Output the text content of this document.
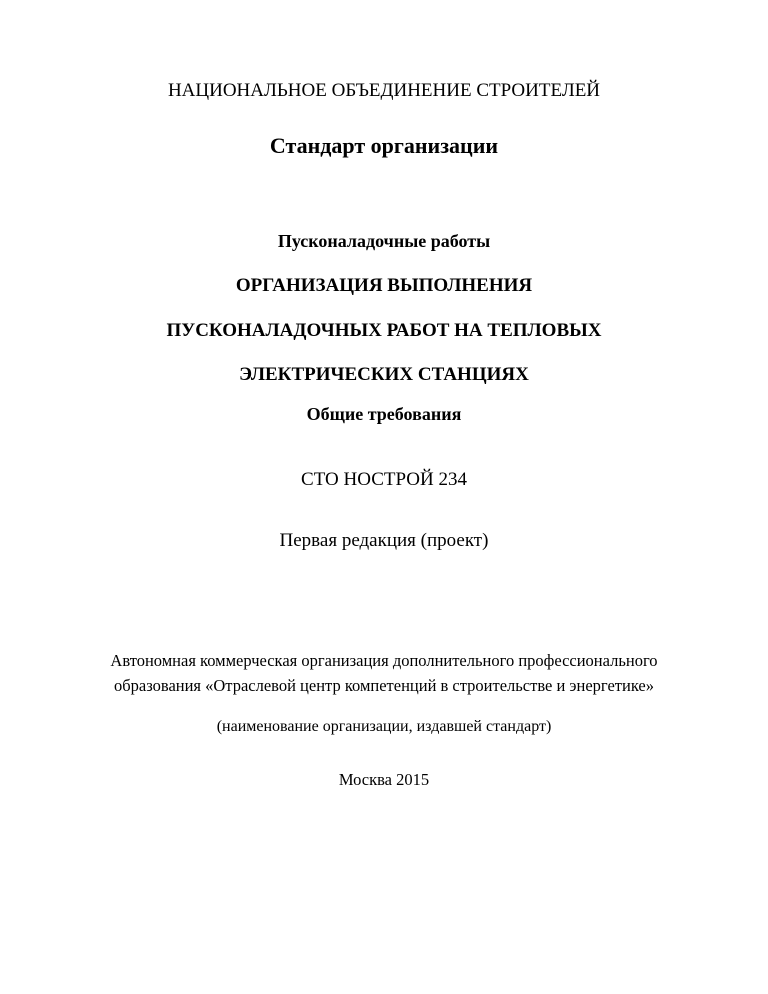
НАЦИОНАЛЬНОЕ ОБЪЕДИНЕНИЕ СТРОИТЕЛЕЙ
Стандарт организации
Пусконаладочные работы
ОРГАНИЗАЦИЯ ВЫПОЛНЕНИЯ
ПУСКОНАЛАДОЧНЫХ РАБОТ НА ТЕПЛОВЫХ
ЭЛЕКТРИЧЕСКИХ СТАНЦИЯХ
Общие требования
СТО НОСТРОЙ 234
Первая редакция (проект)
Автономная коммерческая организация дополнительного профессионального
образования «Отраслевой центр компетенций в строительстве и энергетике»
(наименование организации, издавшей стандарт)
Москва 2015
